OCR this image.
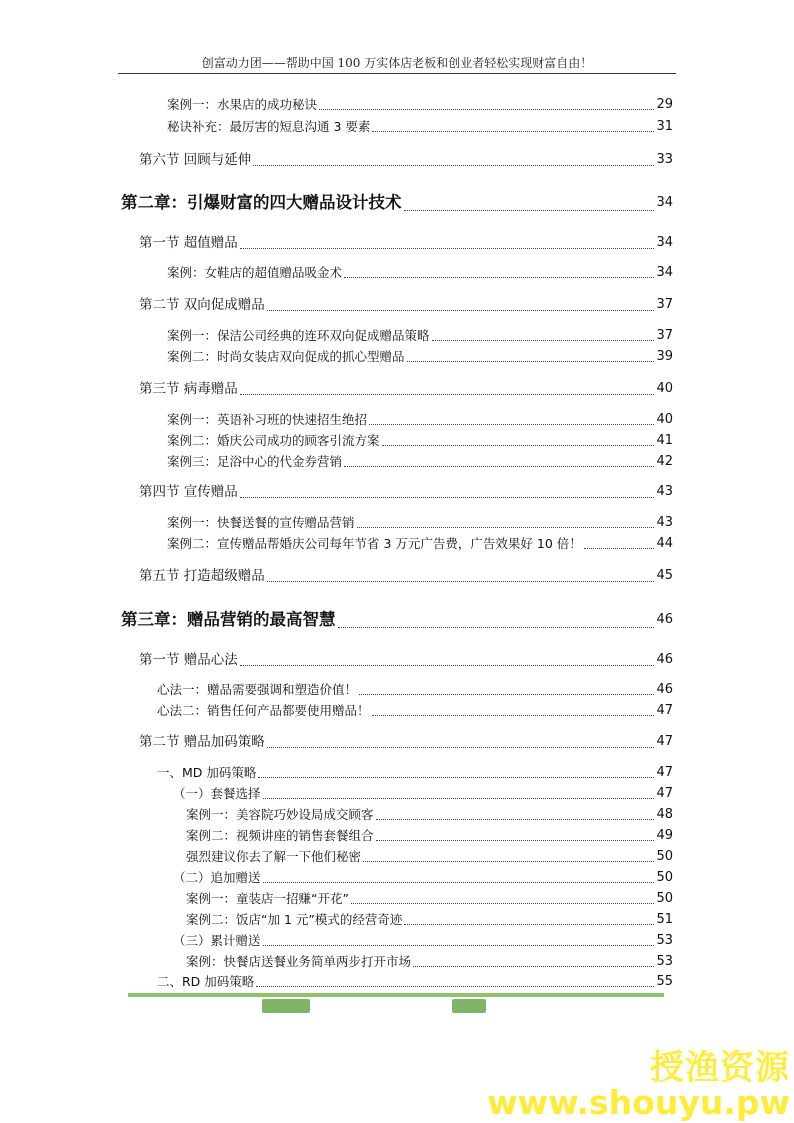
创富动力团——帮助中国 100 万实体店老板和创业者轻松实现财富自由！
案例一：水果店的成功秘诀	29
秘诀补充：最厉害的短息沟通 3 要素	31
第六节 回顾与延伸	33
第二章：引爆财富的四大赠品设计技术	34
第一节 超值赠品	34
案例：女鞋店的超值赠品吸金术	34
第二节 双向促成赠品	37
案例一：保洁公司经典的连环双向促成赠品策略	37
案例二：时尚女装店双向促成的抓心型赠品	39
第三节 病毒赠品	40
案例一：英语补习班的快速招生绝招	40
案例二：婚庆公司成功的顾客引流方案	41
案例三：足浴中心的代金券营销	42
第四节 宣传赠品	43
案例一：快餐送餐的宣传赠品营销	43
案例二：宣传赠品帮婚庆公司每年节省 3 万元广告费，广告效果好 10 倍！	44
第五节 打造超级赠品	45
第三章：赠品营销的最高智慧	46
第一节 赠品心法	46
心法一：赠品需要强调和塑造价值！	46
心法二：销售任何产品都要使用赠品！	47
第二节 赠品加码策略	47
一、MD 加码策略	47
（一）套餐选择	47
案例一：美容院巧妙设局成交顾客	48
案例二：视频讲座的销售套餐组合	49
强烈建议你去了解一下他们秘密	50
（二）追加赠送	50
案例一：童装店一招赚“开花”	50
案例二：饭店“加 1 元”模式的经营奇迹	51
（三）累计赠送	53
案例：快餐店送餐业务简单两步打开市场	53
二、RD 加码策略	55
授渔资源
www.shouyu.pw
